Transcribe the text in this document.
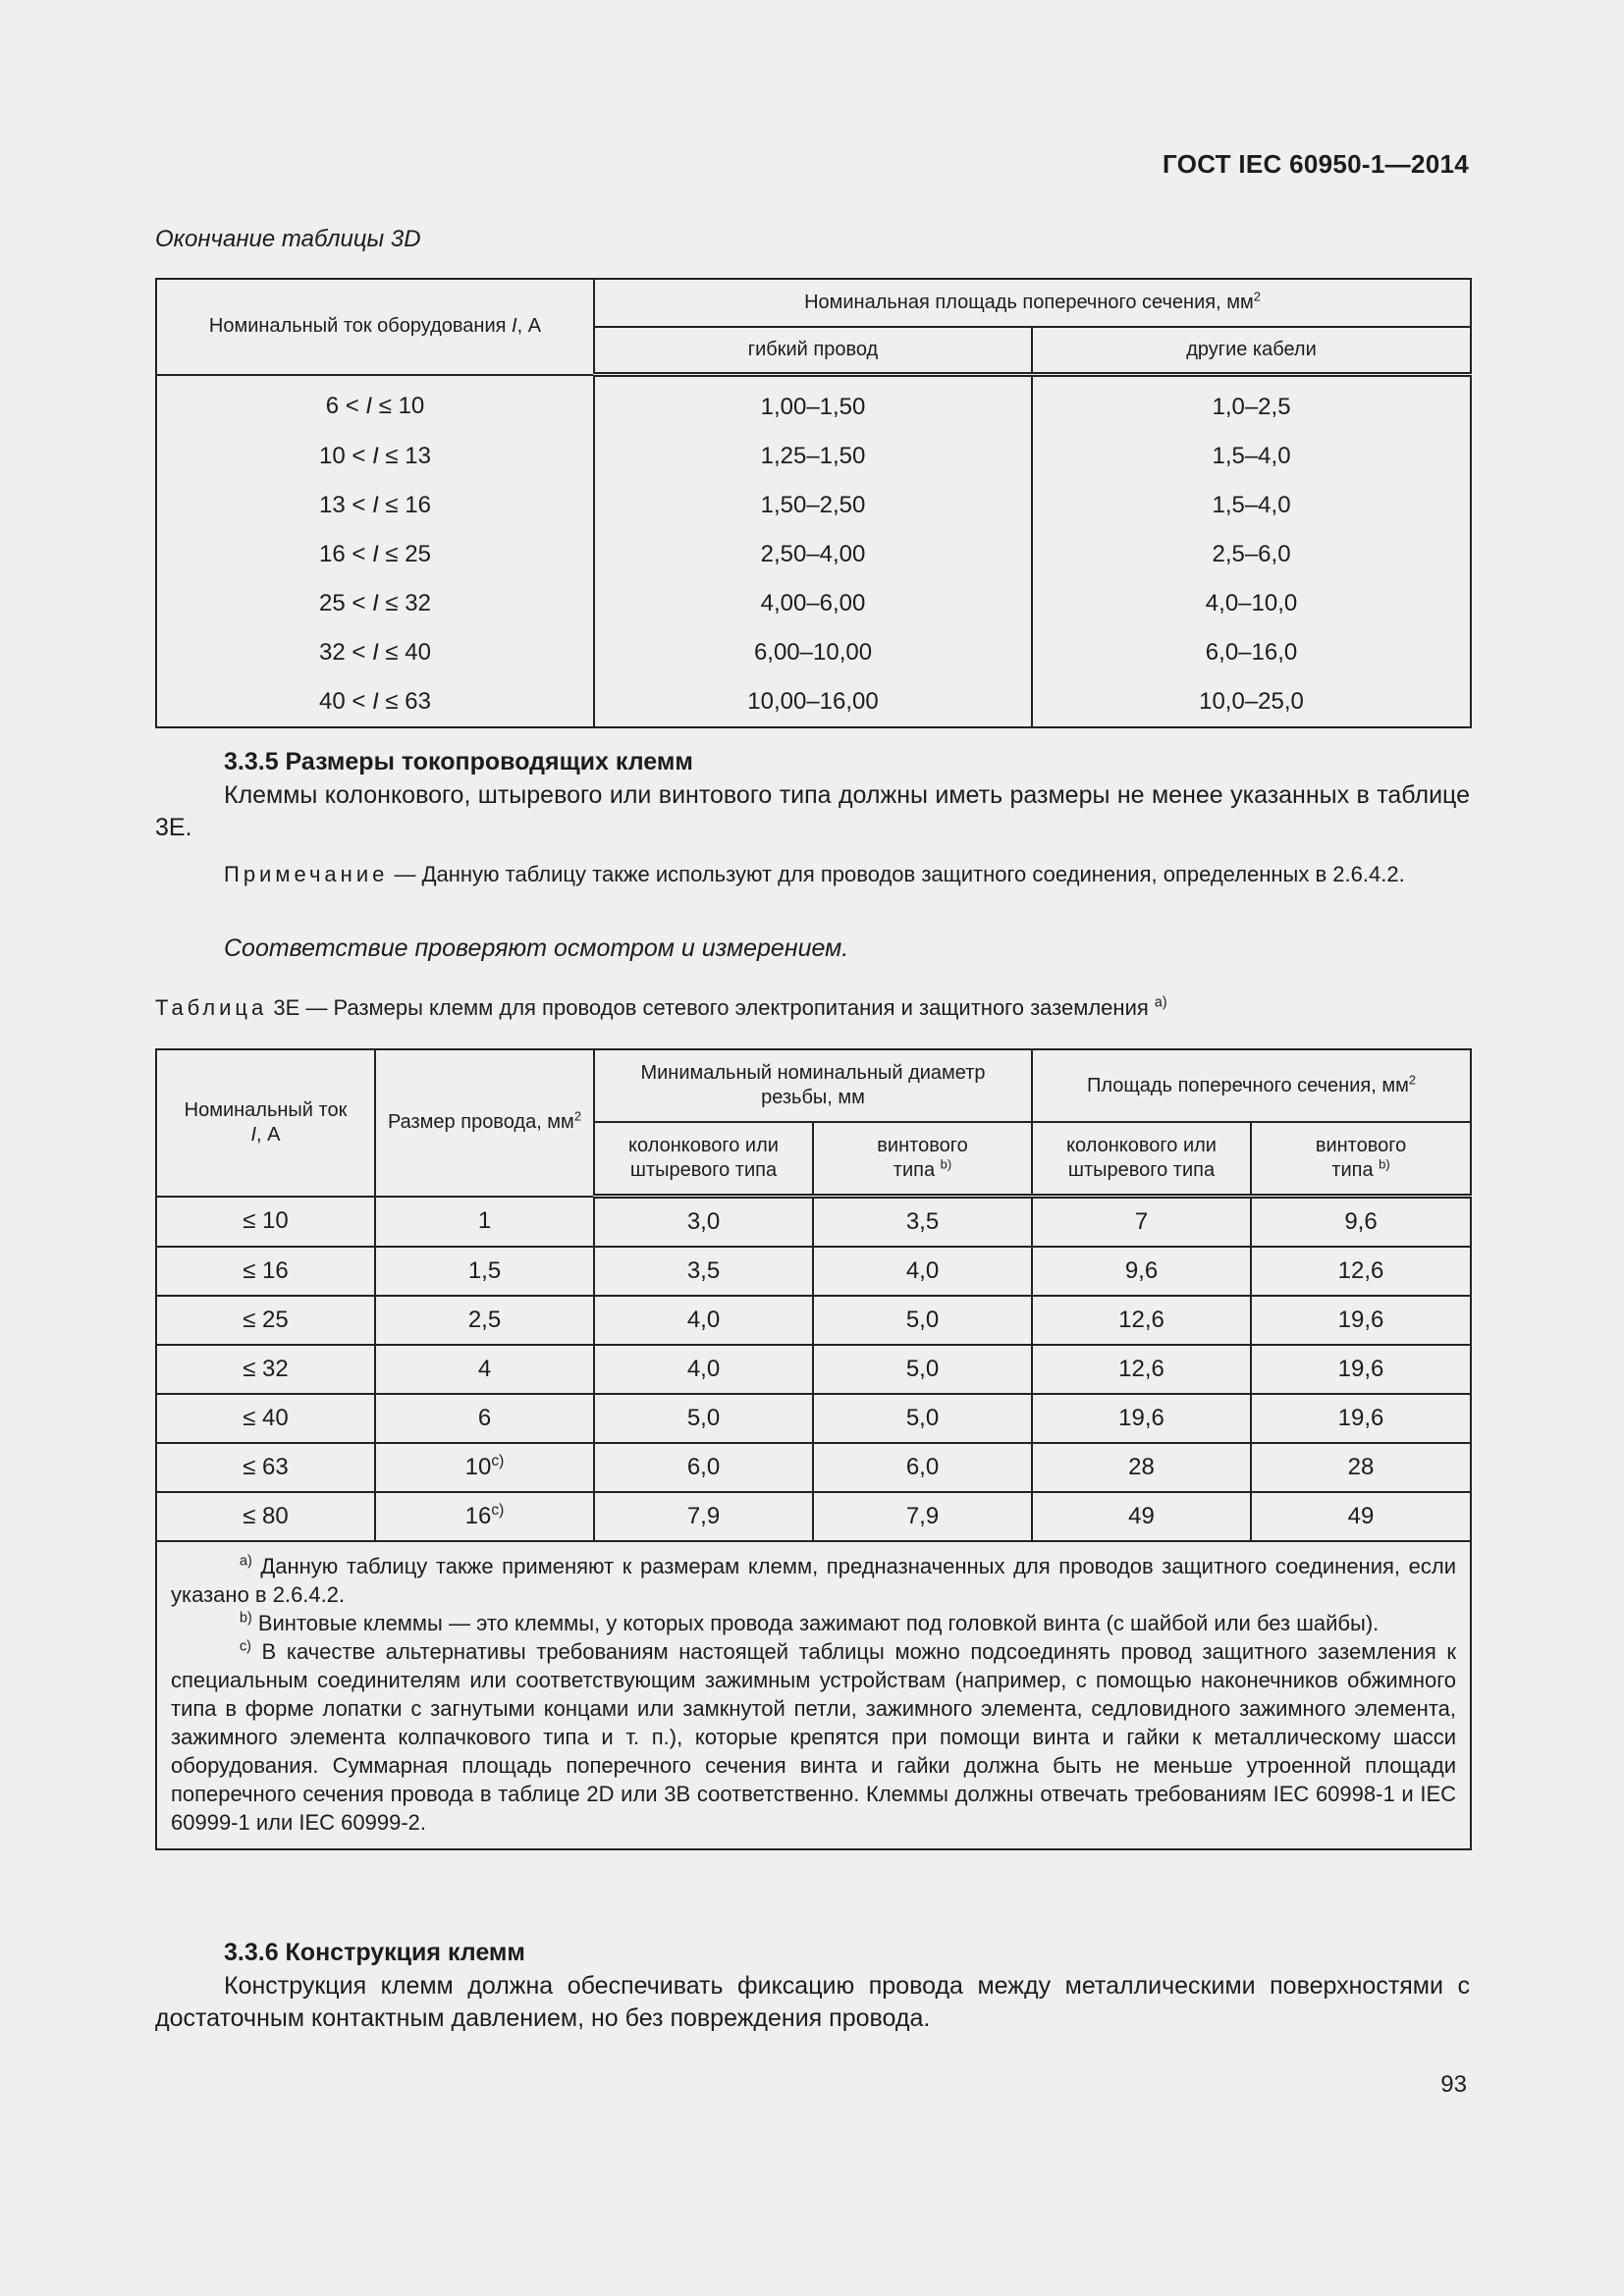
ГОСТ IEC 60950-1—2014
Окончание таблицы 3D
Номинальный ток оборудования I, А	Номинальная площадь поперечного сечения, $мм^2$
	гибкий провод	другие кабели
6 < I ≤ 10	1,00–1,50	1,0–2,5
10 < I ≤ 13	1,25–1,50	1,5–4,0
13 < I ≤ 16	1,50–2,50	1,5–4,0
16 < I ≤ 25	2,50–4,00	2,5–6,0
25 < I ≤ 32	4,00–6,00	4,0–10,0
32 < I ≤ 40	6,00–10,00	6,0–16,0
40 < I ≤ 63	10,00–16,00	10,0–25,0
3.3.5 Размеры токопроводящих клемм
Клеммы колонкового, штыревого или винтового типа должны иметь размеры не менее указанных в таблице 3Е.
Примечание — Данную таблицу также используют для проводов защитного соединения, определенных в 2.6.4.2.
Соответствие проверяют осмотром и измерением.
Таблица 3Е — Размеры клемм для проводов сетевого электропитания и защитного заземления $^{a)}$
Номинальный ток
I, А	Размер провода, $мм^2$	Минимальный номинальный диаметр резьбы, мм		Площадь поперечного сечения, $мм^2$
		колонкового или штыревого типа	винтового типа $^{b)}$	колонкового или штыревого типа	винтового типа $^{b)}$
≤ 10	1	3,0	3,5	7	9,6
≤ 16	1,5	3,5	4,0	9,6	12,6
≤ 25	2,5	4,0	5,0	12,6	19,6
≤ 32	4	4,0	5,0	12,6	19,6
≤ 40	6	5,0	5,0	19,6	19,6
≤ 63	10$^{c)}$	6,0	6,0	28	28
≤ 80	16$^{c)}$	7,9	7,9	49	49

$^{a)}$ Данную таблицу также применяют к размерам клемм, предназначенных для проводов защитного соединения, если указано в 2.6.4.2.

$^{b)}$ Винтовые клеммы — это клеммы, у которых провода зажимают под головкой винта (с шайбой или без шайбы).

$^{c)}$ В качестве альтернативы требованиям настоящей таблицы можно подсоединять провод защитного заземления к специальным соединителям или соответствующим зажимным устройствам (например, с помощью наконечников обжимного типа в форме лопатки с загнутыми концами или замкнутой петли, зажимного элемента, седловидного зажимного элемента, зажимного элемента колпачкового типа и т. п.), которые крепятся при помощи винта и гайки к металлическому шасси оборудования. Суммарная площадь поперечного сечения винта и гайки должна быть не меньше утроенной площади поперечного сечения провода в таблице 2D или 3В соответственно. Клеммы должны отвечать требованиям IEC 60998-1 и IEC 60999-1 или IEC 60999-2.					

3.3.6 Конструкция клемм
Конструкция клемм должна обеспечивать фиксацию провода между металлическими поверхностями с достаточным контактным давлением, но без повреждения провода.
93
